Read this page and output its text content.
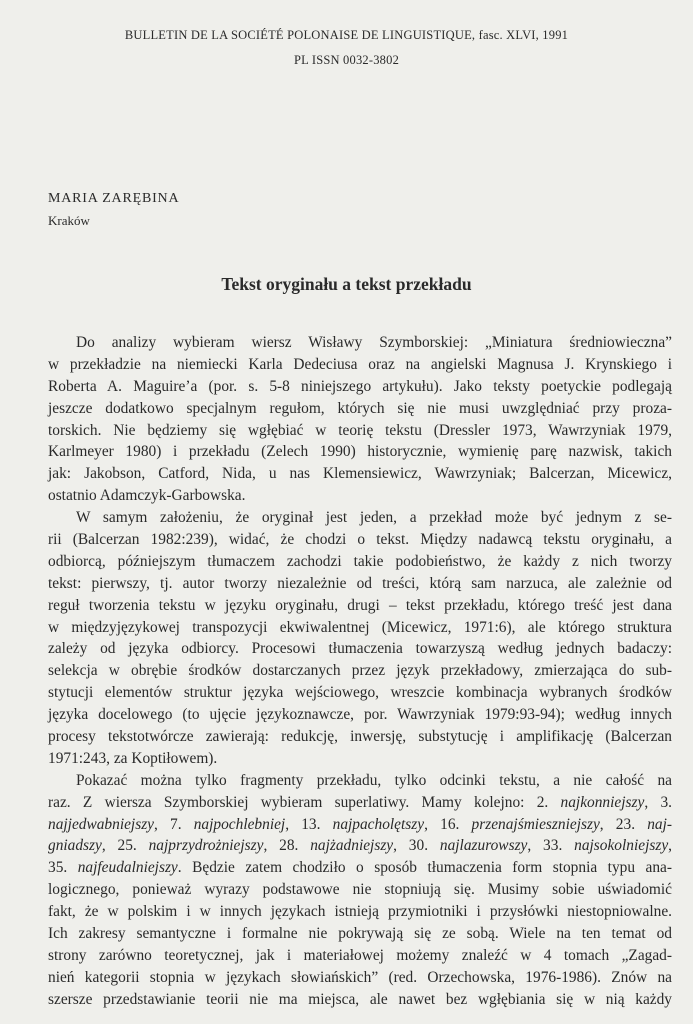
BULLETIN DE LA SOCIÉTÉ POLONAISE DE LINGUISTIQUE, fasc. XLVI, 1991
PL ISSN 0032-3802
MARIA ZARĘBINA
Kraków
Tekst oryginału a tekst przekładu
Do analizy wybieram wiersz Wisławy Szymborskiej: „Miniatura średniowieczna”
w przekładzie na niemiecki Karla Dedeciusa oraz na angielski Magnusa J. Krynskiego i
Roberta A. Maguire’a (por. s. 5-8 niniejszego artykułu). Jako teksty poetyckie podlegają
jeszcze dodatkowo specjalnym regułom, których się nie musi uwzględniać przy proza-
torskich. Nie będziemy się wgłębiać w teorię tekstu (Dressler 1973, Wawrzyniak 1979,
Karlmeyer 1980) i przekładu (Zelech 1990) historycznie, wymienię parę nazwisk, takich
jak: Jakobson, Catford, Nida, u nas Klemensiewicz, Wawrzyniak; Balcerzan, Micewicz,
ostatnio Adamczyk-Garbowska.
W samym założeniu, że oryginał jest jeden, a przekład może być jednym z se-
rii (Balcerzan 1982:239), widać, że chodzi o tekst. Między nadawcą tekstu oryginału, a
odbiorcą, późniejszym tłumaczem zachodzi takie podobieństwo, że każdy z nich tworzy
tekst: pierwszy, tj. autor tworzy niezależnie od treści, którą sam narzuca, ale zależnie od
reguł tworzenia tekstu w języku oryginału, drugi – tekst przekładu, którego treść jest dana
w międzyjęzykowej transpozycji ekwiwalentnej (Micewicz, 1971:6), ale którego struktura
zależy od języka odbiorcy. Procesowi tłumaczenia towarzyszą według jednych badaczy:
selekcja w obrębie środków dostarczanych przez język przekładowy, zmierzająca do sub-
stytucji elementów struktur języka wejściowego, wreszcie kombinacja wybranych środków
języka docelowego (to ujęcie językoznawcze, por. Wawrzyniak 1979:93-94); według innych
procesy tekstotwórcze zawierają: redukcję, inwersję, substytucję i amplifikację (Balcerzan
1971:243, za Koptiłowem).
Pokazać można tylko fragmenty przekładu, tylko odcinki tekstu, a nie całość na
raz. Z wiersza Szymborskiej wybieram superlatiwy. Mamy kolejno: 2. najkonniejszy, 3.
najjedwabniejszy, 7. najpochlebniej, 13. najpacholętszy, 16. przenajśmieszniejszy, 23. naj-
gniadszy, 25. najprzydrożniejszy, 28. najżadniejszy, 30. najlazurowszy, 33. najsokolniejszy,
35. najfeudalniejszy. Będzie zatem chodziło o sposób tłumaczenia form stopnia typu ana-
logicznego, ponieważ wyrazy podstawowe nie stopniują się. Musimy sobie uświadomić
fakt, że w polskim i w innych językach istnieją przymiotniki i przysłówki niestopniowalne.
Ich zakresy semantyczne i formalne nie pokrywają się ze sobą. Wiele na ten temat od
strony zarówno teoretycznej, jak i materiałowej możemy znaleźć w 4 tomach „Zagad-
nień kategorii stopnia w językach słowiańskich” (red. Orzechowska, 1976-1986). Znów na
szersze przedstawianie teorii nie ma miejsca, ale nawet bez wgłębiania się w nią każdy
